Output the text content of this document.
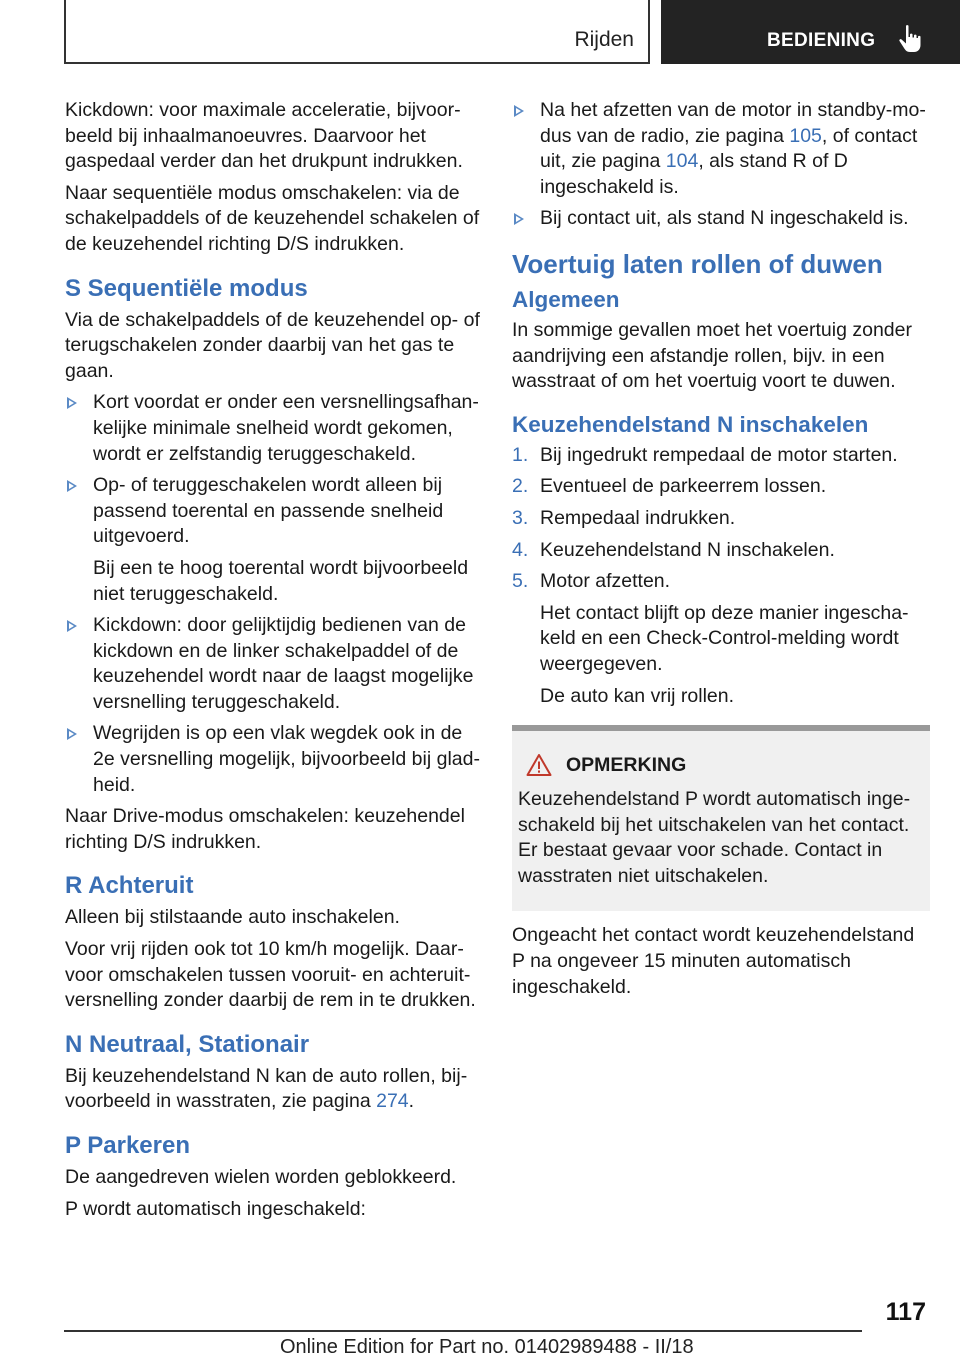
Rijden	BEDIENING

Kickdown: voor maximale acceleratie, bijvoorbeeld bij inhaalmanoeuvres. Daarvoor het gaspedaal verder dan het drukpunt indrukken.

Naar sequentiële modus omschakelen: via de schakelpaddels of de keuzehendel schakelen of de keuzehendel richting D/S indrukken.

S Sequentiële modus

Via de schakelpaddels of de keuzehendel op- of terugschakelen zonder daarbij van het gas te gaan.

Kort voordat er onder een versnellingsafhankelijke minimale snelheid wordt gekomen, wordt er zelfstandig teruggeschakeld.
Op- of teruggeschakelen wordt alleen bij passend toerental en passende snelheid uitgevoerd.
Bij een te hoog toerental wordt bijvoorbeeld niet teruggeschakeld.
Kickdown: door gelijktijdig bedienen van de kickdown en de linker schakelpaddel of de keuzehendel wordt naar de laagst mogelijke versnelling teruggeschakeld.
Wegrijden is op een vlak wegdek ook in de 2e versnelling mogelijk, bijvoorbeeld bij gladheid.

Naar Drive-modus omschakelen: keuzehendel richting D/S indrukken.

R Achteruit

Alleen bij stilstaande auto inschakelen.

Voor vrij rijden ook tot 10 km/h mogelijk. Daarvoor omschakelen tussen vooruit- en achteruitversnelling zonder daarbij de rem in te drukken.

N Neutraal, Stationair

Bij keuzehendelstand N kan de auto rollen, bijvoorbeeld in wasstraten, zie pagina 274.

P Parkeren

De aangedreven wielen worden geblokkeerd.

P wordt automatisch ingeschakeld:

Na het afzetten van de motor in standby-modus van de radio, zie pagina 105, of contact uit, zie pagina 104, als stand R of D ingeschakeld is.
Bij contact uit, als stand N ingeschakeld is.
Voertuig laten rollen of duwen
Algemeen

In sommige gevallen moet het voertuig zonder aandrijving een afstandje rollen, bijv. in een wasstraat of om het voertuig voort te duwen.

Keuzehendelstand N inschakelen
1. Bij ingedrukt rempedaal de motor starten.
2. Eventueel de parkeerrem lossen.
3. Rempedaal indrukken.
4. Keuzehendelstand N inschakelen.
5. Motor afzetten.
Het contact blijft op deze manier ingeschakeld en een Check-Control-melding wordt weergegeven.
De auto kan vrij rollen.
OPMERKING

Keuzehendelstand P wordt automatisch ingeschakeld bij het uitschakelen van het contact. Er bestaat gevaar voor schade. Contact in wasstraten niet uitschakelen.

Ongeacht het contact wordt keuzehendelstand P na ongeveer 15 minuten automatisch ingeschakeld.

117
Online Edition for Part no. 01402989488 - II/18
